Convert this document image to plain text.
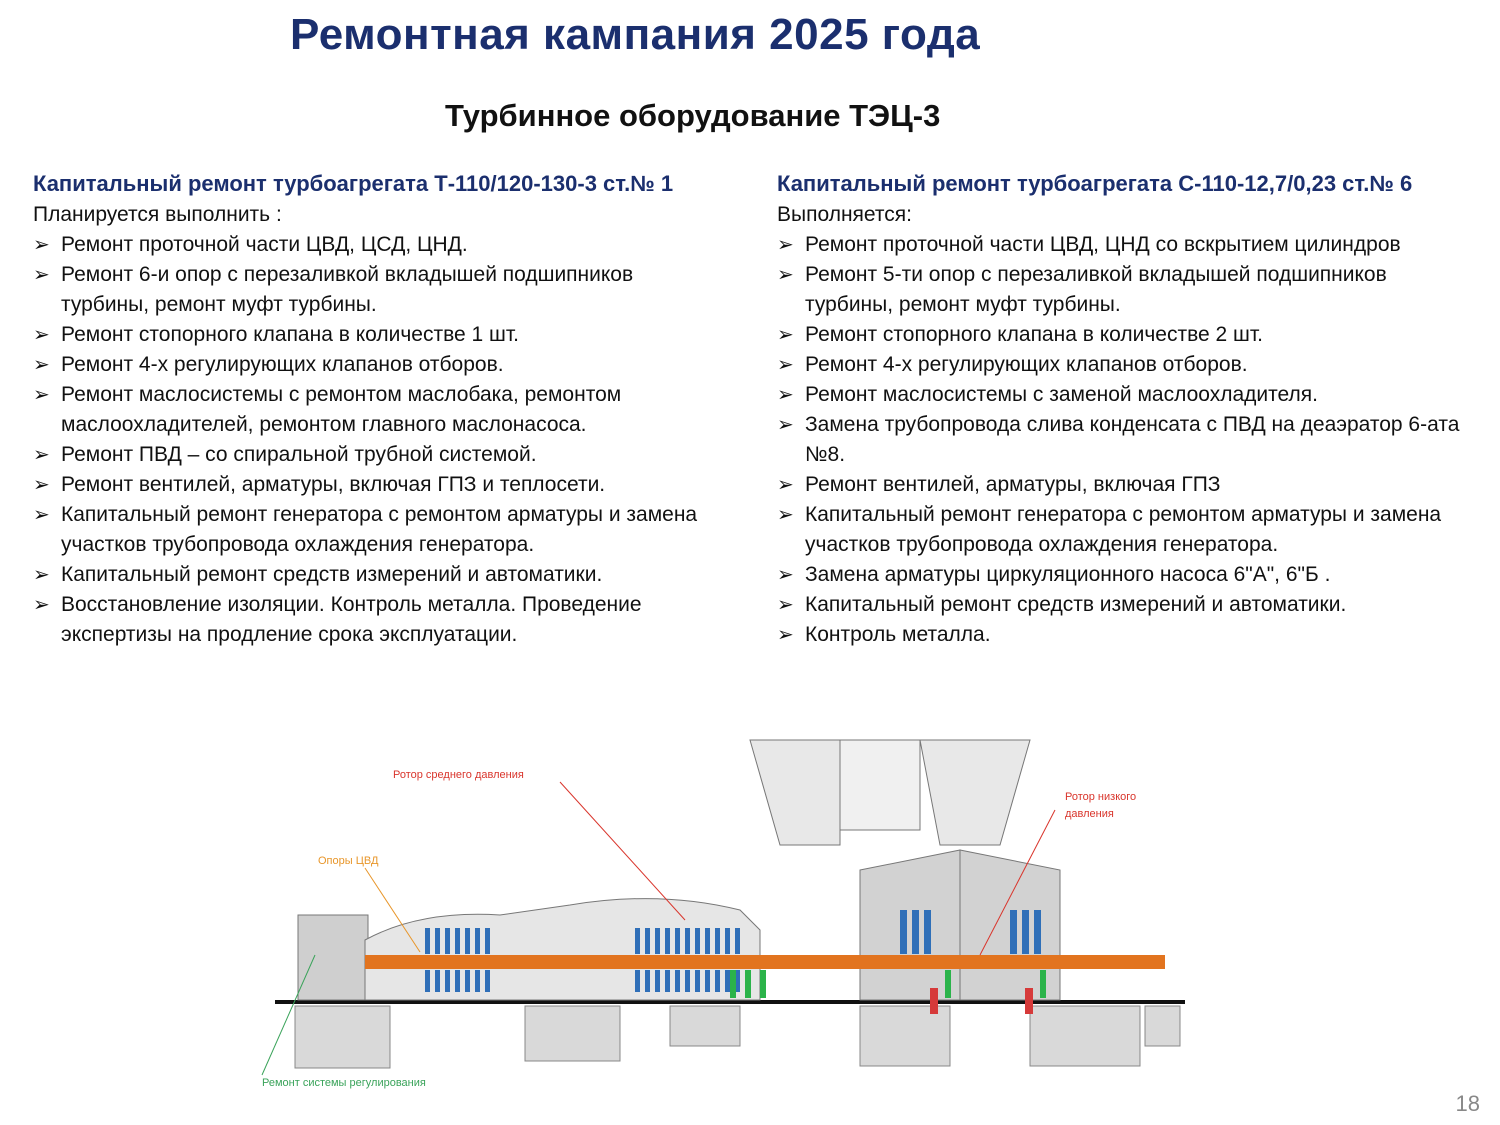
Ремонтная кампания 2025 года
Турбинное оборудование ТЭЦ-3
Капитальный ремонт турбоагрегата Т-110/120-130-3 ст.№ 1
Планируется выполнить :
➢ Ремонт проточной части ЦВД, ЦСД, ЦНД.
➢ Ремонт 6-и опор с перезаливкой вкладышей подшипников турбины, ремонт муфт турбины.
➢ Ремонт стопорного клапана в количестве 1 шт.
➢ Ремонт 4-х регулирующих клапанов отборов.
➢ Ремонт маслосистемы с ремонтом маслобака, ремонтом маслоохладителей, ремонтом главного маслонасоса.
➢ Ремонт ПВД – со спиральной трубной системой.
➢ Ремонт вентилей, арматуры, включая ГПЗ и теплосети.
➢ Капитальный ремонт генератора с ремонтом арматуры и замена участков трубопровода охлаждения генератора.
➢ Капитальный ремонт средств измерений и автоматики.
➢ Восстановление изоляции. Контроль металла. Проведение экспертизы на продление срока эксплуатации.
Капитальный ремонт турбоагрегата С-110-12,7/0,23 ст.№ 6
Выполняется:
➢ Ремонт проточной части ЦВД, ЦНД со вскрытием цилиндров
➢ Ремонт 5-ти опор с перезаливкой вкладышей подшипников турбины, ремонт муфт турбины.
➢ Ремонт стопорного клапана в количестве 2 шт.
➢ Ремонт 4-х регулирующих клапанов отборов.
➢ Ремонт маслосистемы с заменой маслоохладителя.
➢ Замена трубопровода слива конденсата с ПВД на деаэратор 6-ата №8.
➢ Ремонт вентилей, арматуры, включая ГПЗ
➢ Капитальный ремонт генератора с ремонтом арматуры и замена участков трубопровода охлаждения генератора.
➢ Замена арматуры циркуляционного насоса 6"А", 6"Б .
➢ Капитальный ремонт средств измерений и автоматики.
➢ Контроль металла.
Ротор среднего давления
Ротор низкого
давления
Опоры ЦВД
Ремонт системы регулирования
18
